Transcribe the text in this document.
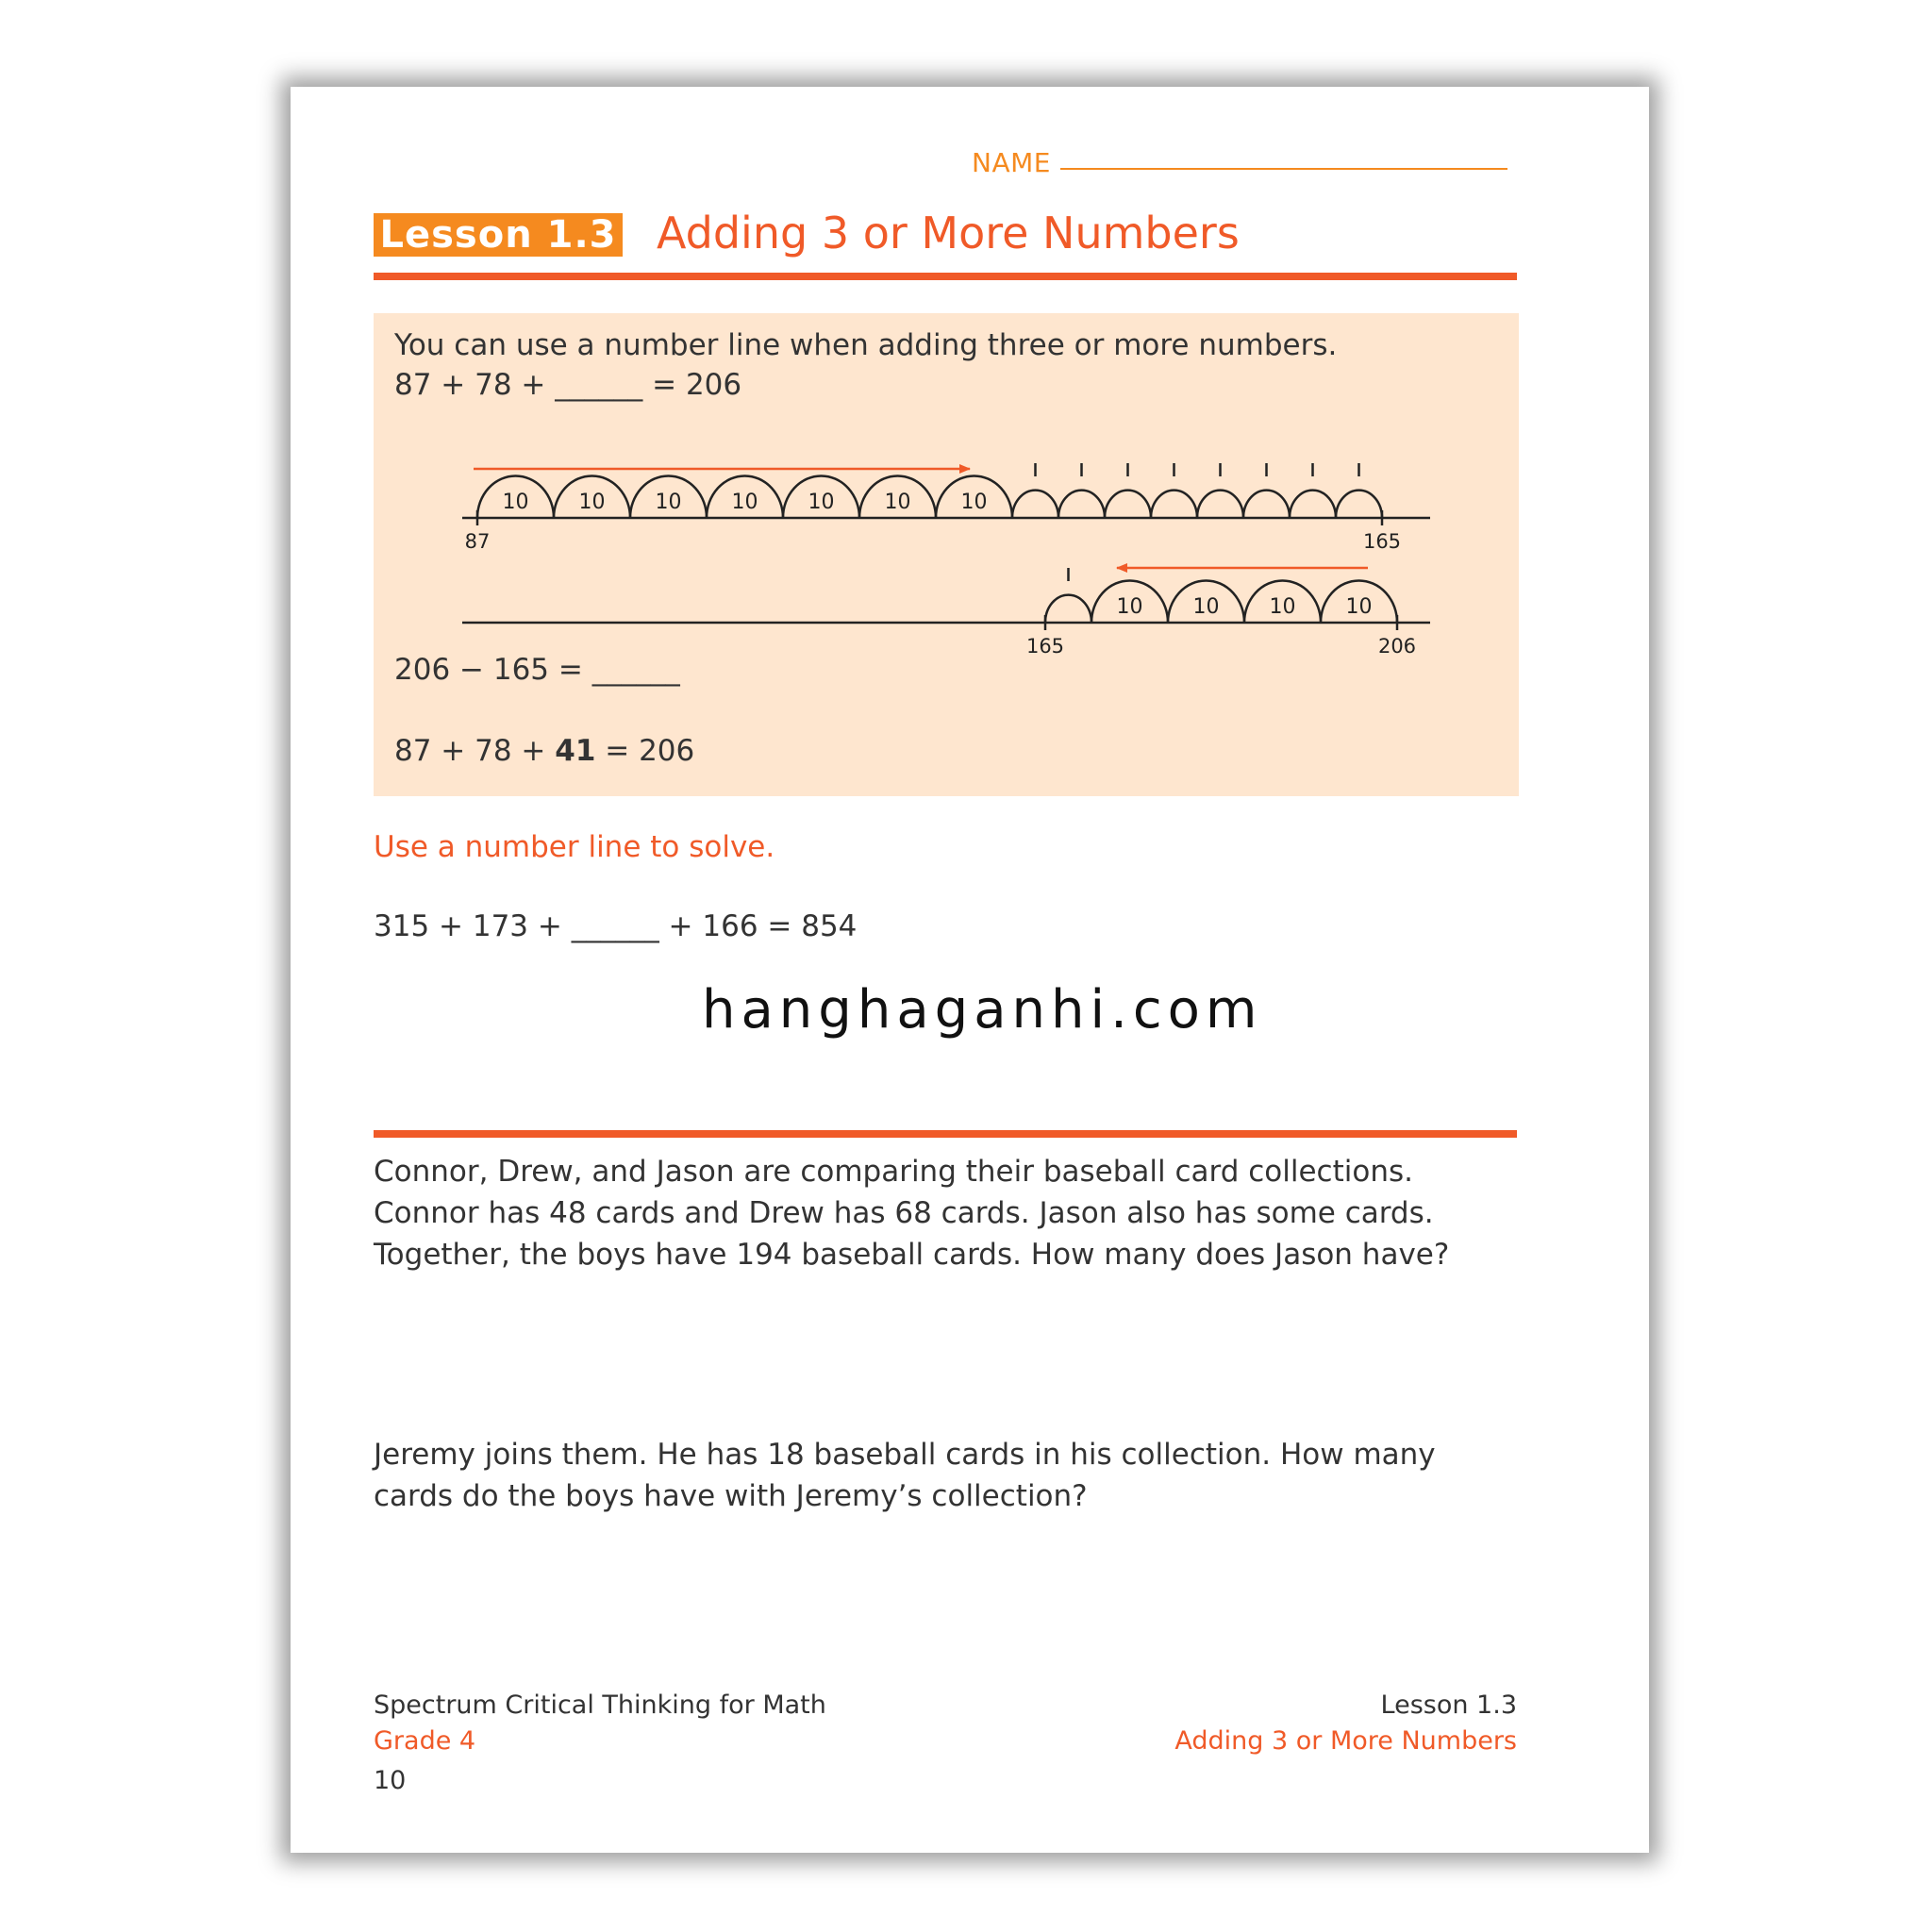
NAME
Lesson 1.3 Adding 3 or More Numbers
You can use a number line when adding three or more numbers.
87 + 78 + ______ = 206
10 10 10 10 10 10 10
87	165
165
10 10 10 10
206
206 − 165 = ______
87 + 78 + 41 = 206
Use a number line to solve.
315 + 173 + ______ + 166 = 854
hanghaganhi.com
Connor, Drew, and Jason are comparing their baseball card collections. Connor has 48 cards and Drew has 68 cards. Jason also has some cards. Together, the boys have 194 baseball cards. How many does Jason have?
Jeremy joins them. He has 18 baseball cards in his collection. How many cards do the boys have with Jeremy’s collection?
Spectrum Critical Thinking for Math
Grade 4
10
Lesson 1.3
Adding 3 or More Numbers
